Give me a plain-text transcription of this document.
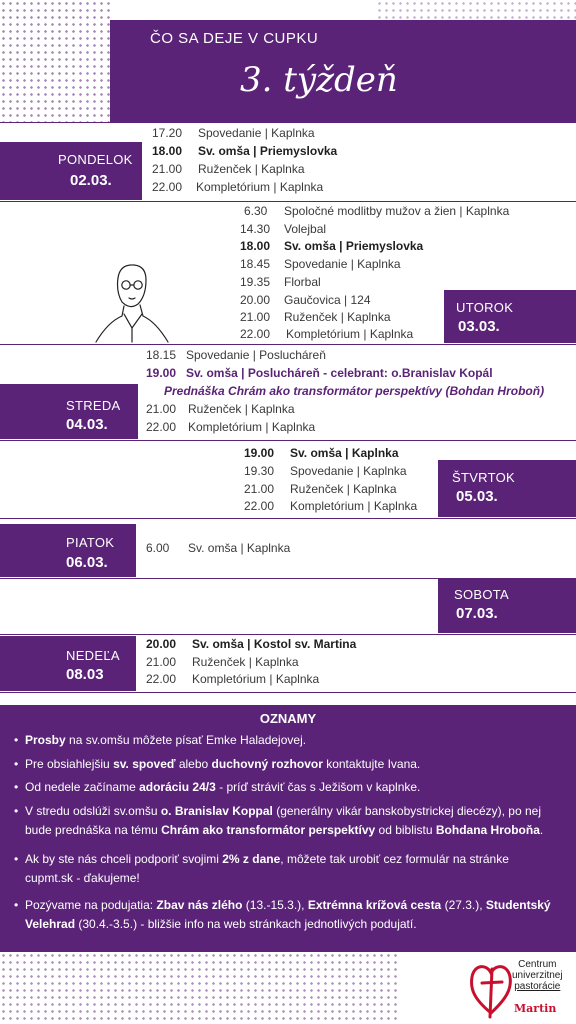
ČO SA DEJE V CUPKU
3. týždeň
PONDELOK
02.03.
17.20 Spovedanie | Kaplnka
18.00 Sv. omša | Priemyslovka
21.00 Ruženček | Kaplnka
22.00 Kompletórium | Kaplnka
6.30 Spoločné modlitby mužov a žien | Kaplnka
14.30 Volejbal
18.00 Sv. omša | Priemyslovka
18.45 Spovedanie | Kaplnka
19.35 Florbal
20.00 Gaučovica | 124
21.00 Ruženček | Kaplnka
22.00 Kompletórium | Kaplnka
UTOROK
03.03.
18.15 Spovedanie | Poslucháreň
19.00 Sv. omša | Poslucháreň - celebrant: o.Branislav Kopál
Prednáška Chrám ako transformátor perspektívy (Bohdan Hroboň)
STREDA
04.03.
21.00 Ruženček | Kaplnka
22.00 Kompletórium | Kaplnka
19.00 Sv. omša | Kaplnka
19.30 Spovedanie | Kaplnka
21.00 Ruženček | Kaplnka
22.00 Kompletórium | Kaplnka
ŠTVRTOK
05.03.
PIATOK
06.03.
6.00 Sv. omša | Kaplnka
SOBOTA
07.03.
NEDEĽA
08.03
20.00 Sv. omša | Kostol sv. Martina
21.00 Ruženček | Kaplnka
22.00 Kompletórium | Kaplnka
OZNAMY
• Prosby na sv.omšu môžete písať Emke Haladejovej.
• Pre obsiahlejšiu sv. spoveď alebo duchovný rozhovor kontaktujte Ivana.
• Od nedele začíname adoráciu 24/3 - príď stráviť čas s Ježišom v kaplnke.
• V stredu odslúži sv.omšu o. Branislav Koppal (generálny vikár banskobystrickej diecézy), po nej bude prednáška na tému Chrám ako transformátor perspektívy od biblistu Bohdana Hroboňa.
• Ak by ste nás chceli podporiť svojimi 2% z dane, môžete tak urobiť cez formulár na stránke cupmt.sk - ďakujeme!
• Pozývame na podujatia: Zbav nás zlého (13.-15.3.), Extrémna krížová cesta (27.3.), Studentský Velehrad (30.4.-3.5.) - bližšie info na web stránkach jednotlivých podujatí.
Centrum
univerzitnej
pastorácie
Martin
